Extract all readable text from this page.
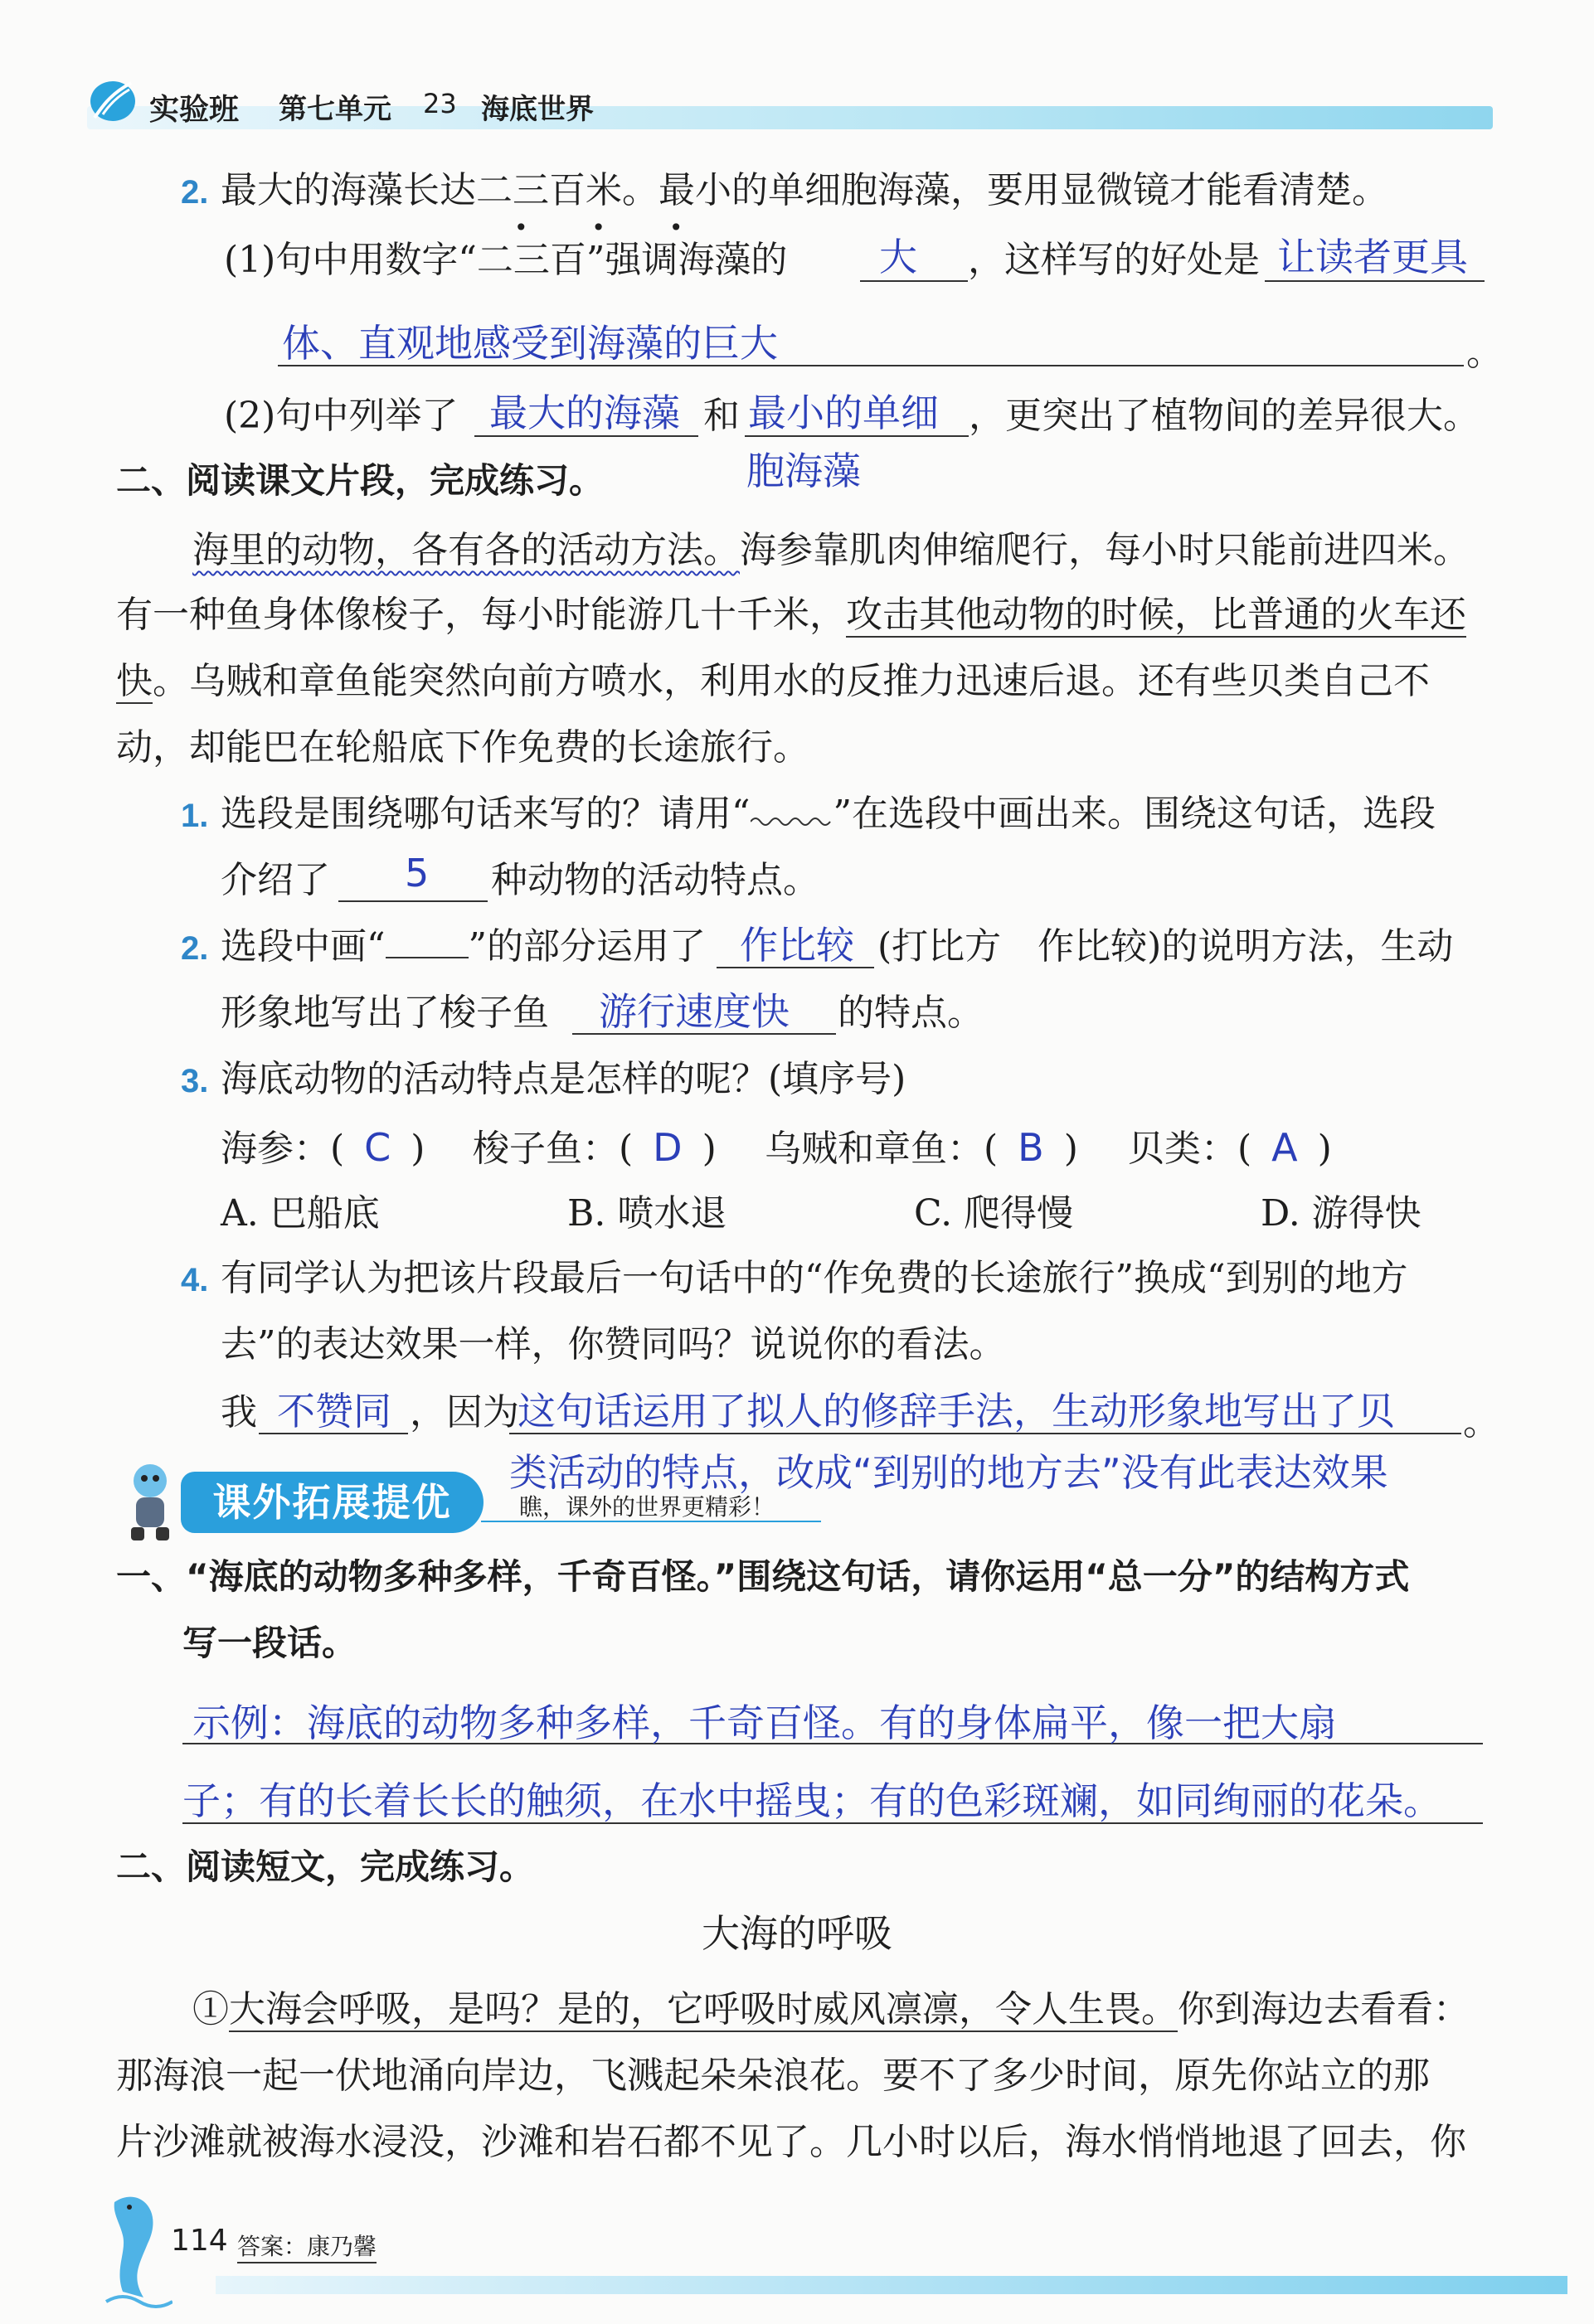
实验班 第七单元 23 海底世界
2. 最大的海藻长达二三百米。最小的单细胞海藻，要用显微镜才能看清楚。
• • •
(1)句中用数字“二三百”强调海藻的 大 ，这样写的好处是 让读者更具
体、直观地感受到海藻的巨大	。
(2)句中列举了 最大的海藻 和 最小的单细 ，更突出了植物间的差异很大。
胞海藻
二、阅读课文片段，完成练习。
海里的动物，各有各的活动方法。海参靠肌肉伸缩爬行，每小时只能前进四米。
有一种鱼身体像梭子，每小时能游几十千米，攻击其他动物的时候，比普通的火车还
快。乌贼和章鱼能突然向前方喷水，利用水的反推力迅速后退。还有些贝类自己不
动，却能巴在轮船底下作免费的长途旅行。
1. 选段是围绕哪句话来写的？请用“ ”在选段中画出来。围绕这句话，选段
介绍了 5 种动物的活动特点。
2. 选段中画“ ”的部分运用了 作比较 (打比方　作比较)的说明方法，生动
形象地写出了梭子鱼 游行速度快 的特点。
3. 海底动物的活动特点是怎样的呢？(填序号)
海参：( C ) 梭子鱼：( D ) 乌贼和章鱼：( B ) 贝类：( A )
A. 巴船底	B. 喷水退	C. 爬得慢	D. 游得快
4. 有同学认为把该片段最后一句话中的“作免费的长途旅行”换成“到别的地方
去”的表达效果一样，你赞同吗？说说你的看法。
我 不赞同 ，因为
这句话运用了拟人的修辞手法，生动形象地写出了贝 。
类活动的特点，改成“到别的地方去”没有此表达效果
课外拓展提优	瞧，课外的世界更精彩！
一、“海底的动物多种多样，千奇百怪。”围绕这句话，请你运用“总一分”的结构方式
写一段话。
示例：海底的动物多种多样，千奇百怪。有的身体扁平，像一把大扇
子；有的长着长长的触须，在水中摇曳；有的色彩斑斓，如同绚丽的花朵。
二、阅读短文，完成练习。
大海的呼吸
①大海会呼吸，是吗？是的，它呼吸时威风凛凛，令人生畏。你到海边去看看：
那海浪一起一伏地涌向岸边，飞溅起朵朵浪花。要不了多少时间，原先你站立的那
片沙滩就被海水浸没，沙滩和岩石都不见了。几小时以后，海水悄悄地退了回去，你
114 答案：康乃馨
